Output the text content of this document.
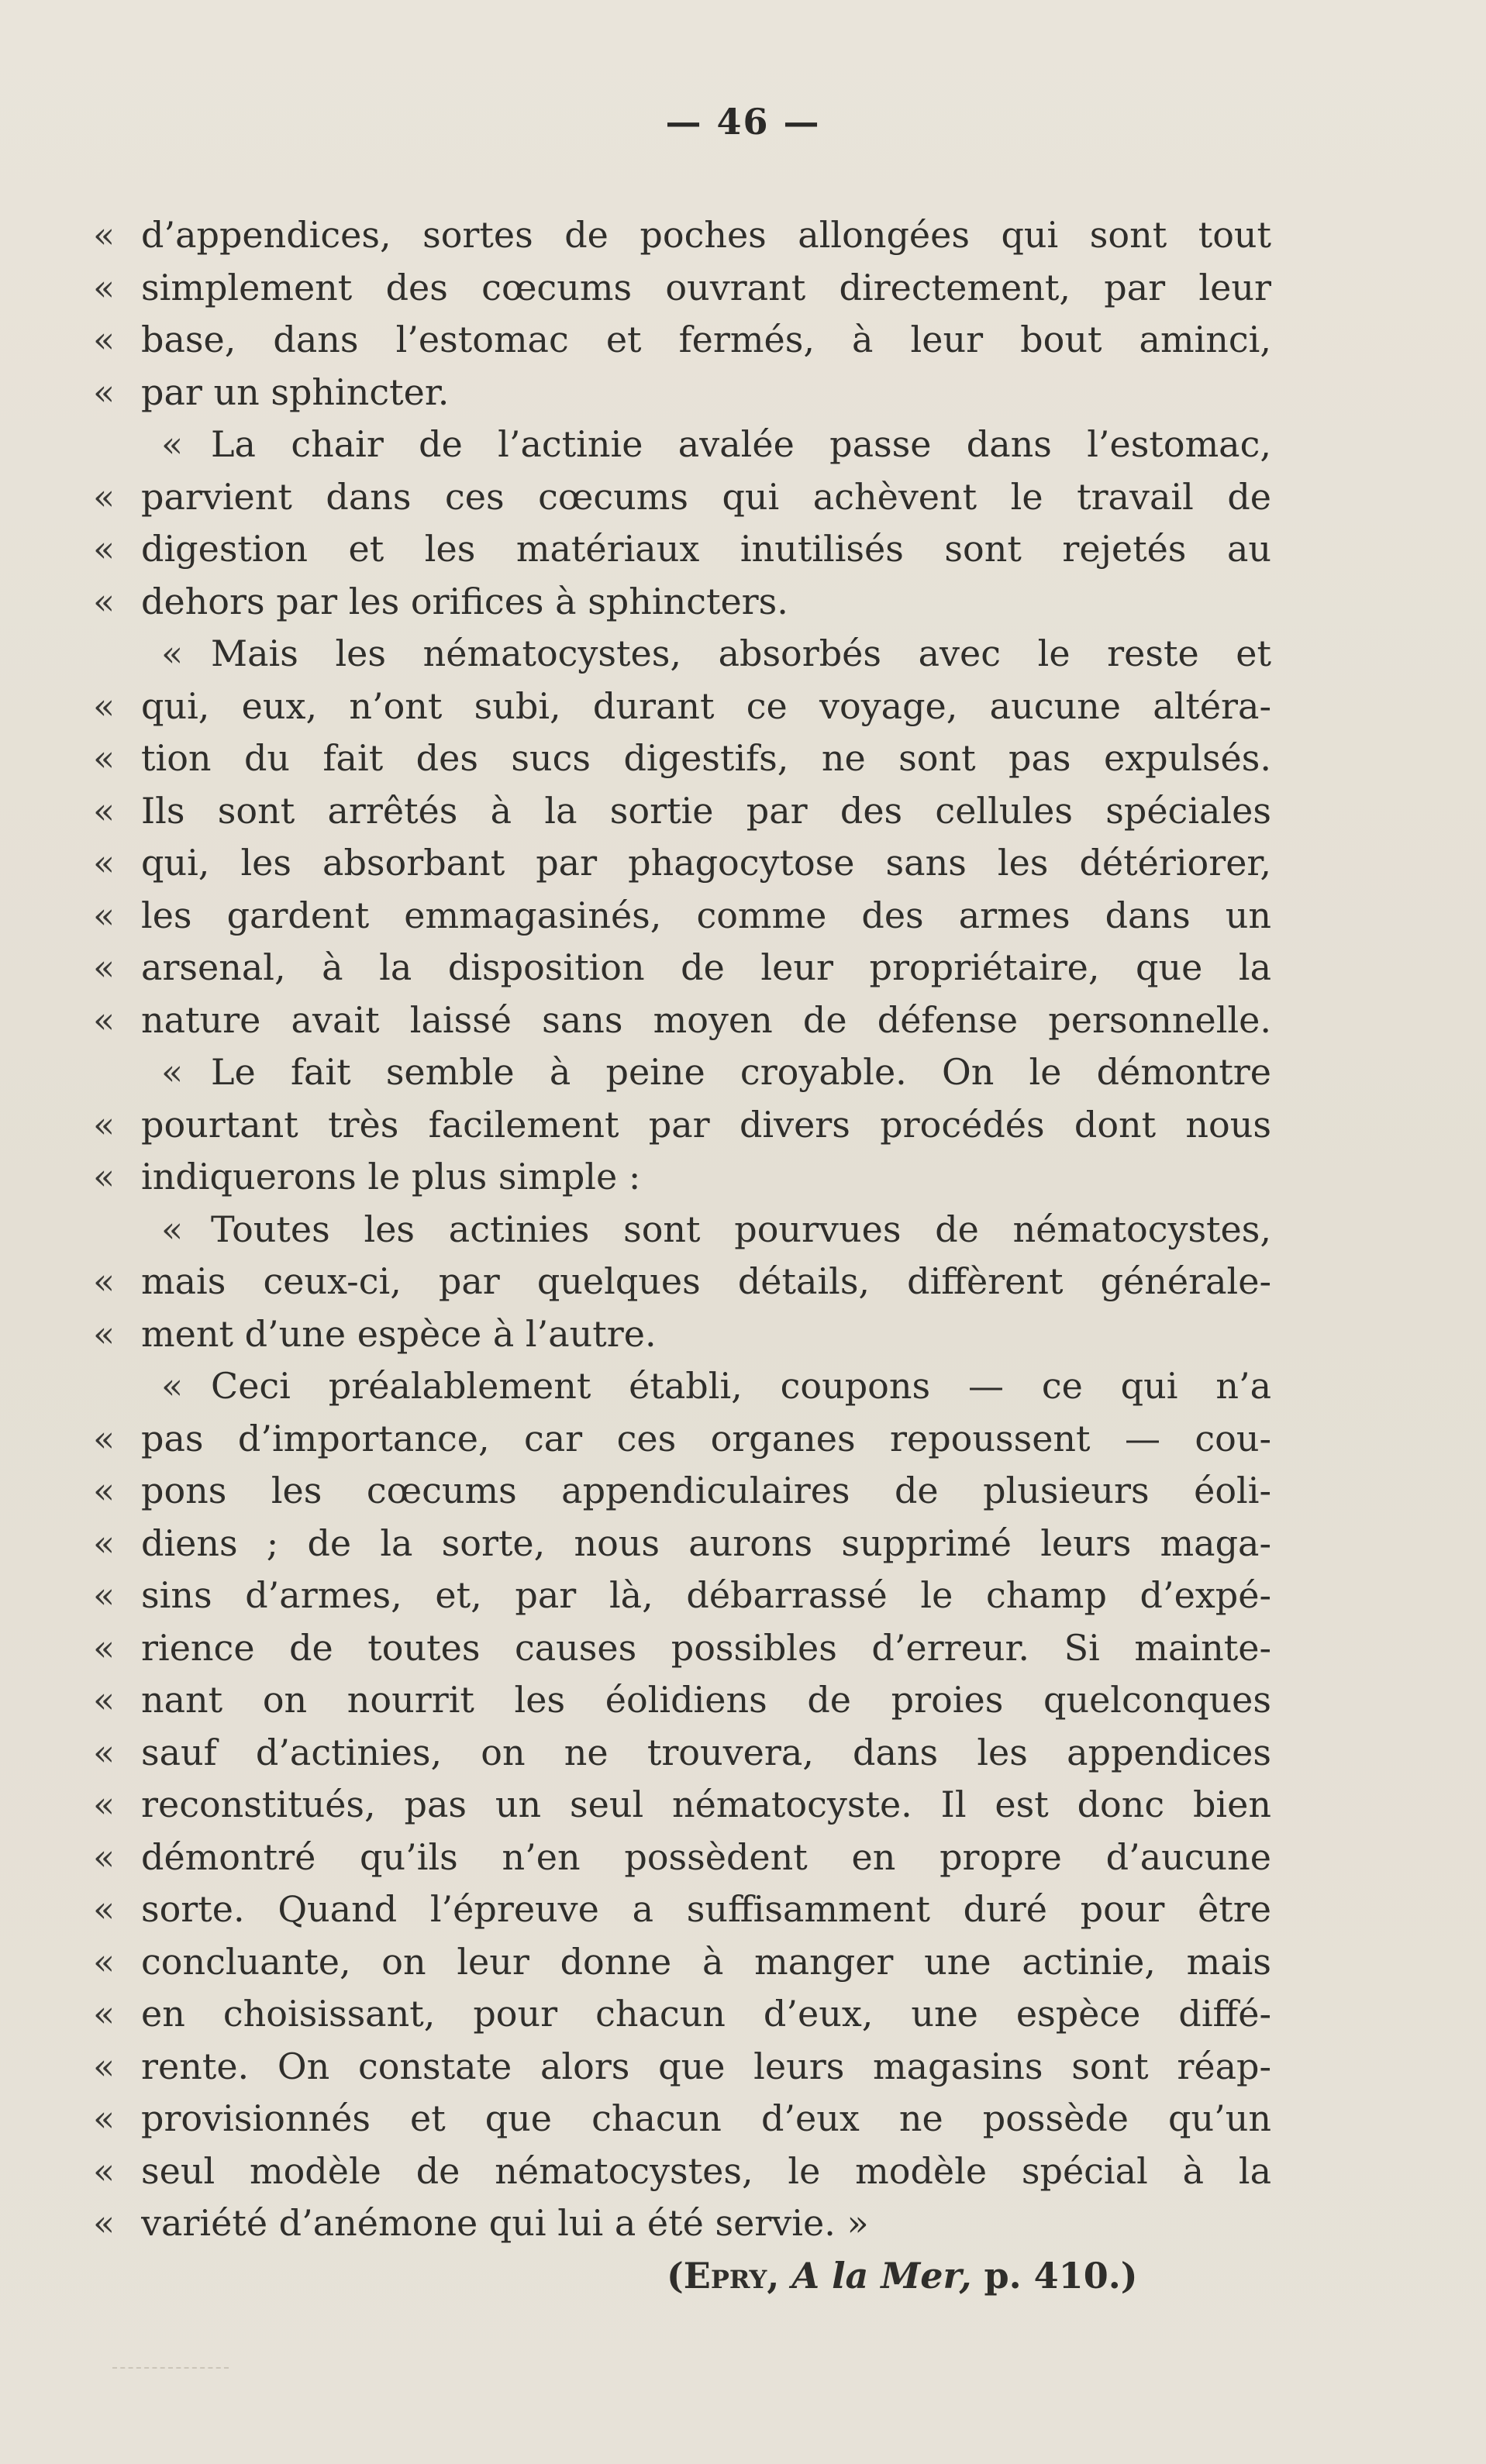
— 46 —
« d’appendices, sortes de poches allongées qui sont tout
« simplement des cœcums ouvrant directement, par leur
« base, dans l’estomac et fermés, à leur bout aminci,
« par un sphincter.
« La chair de l’actinie avalée passe dans l’estomac,
« parvient dans ces cœcums qui achèvent le travail de
« digestion et les matériaux inutilisés sont rejetés au
« dehors par les orifices à sphincters.
« Mais les nématocystes, absorbés avec le reste et
« qui, eux, n’ont subi, durant ce voyage, aucune altéra-
« tion du fait des sucs digestifs, ne sont pas expulsés.
« Ils sont arrêtés à la sortie par des cellules spéciales
« qui, les absorbant par phagocytose sans les détériorer,
« les gardent emmagasinés, comme des armes dans un
« arsenal, à la disposition de leur propriétaire, que la
« nature avait laissé sans moyen de défense personnelle.
« Le fait semble à peine croyable. On le démontre
« pourtant très facilement par divers procédés dont nous
« indiquerons le plus simple :
« Toutes les actinies sont pourvues de nématocystes,
« mais ceux-ci, par quelques détails, diffèrent générale-
« ment d’une espèce à l’autre.
« Ceci préalablement établi, coupons — ce qui n’a
« pas d’importance, car ces organes repoussent — cou-
« pons les cœcums appendiculaires de plusieurs éoli-
« diens ; de la sorte, nous aurons supprimé leurs maga-
« sins d’armes, et, par là, débarrassé le champ d’expé-
« rience de toutes causes possibles d’erreur. Si mainte-
« nant on nourrit les éolidiens de proies quelconques
« sauf d’actinies, on ne trouvera, dans les appendices
« reconstitués, pas un seul nématocyste. Il est donc bien
« démontré qu’ils n’en possèdent en propre d’aucune
« sorte. Quand l’épreuve a suffisamment duré pour être
« concluante, on leur donne à manger une actinie, mais
« en choisissant, pour chacun d’eux, une espèce diffé-
« rente. On constate alors que leurs magasins sont réap-
« provisionnés et que chacun d’eux ne possède qu’un
« seul modèle de nématocystes, le modèle spécial à la
« variété d’anémone qui lui a été servie. »
(Epry, A la Mer, p. 410.)
